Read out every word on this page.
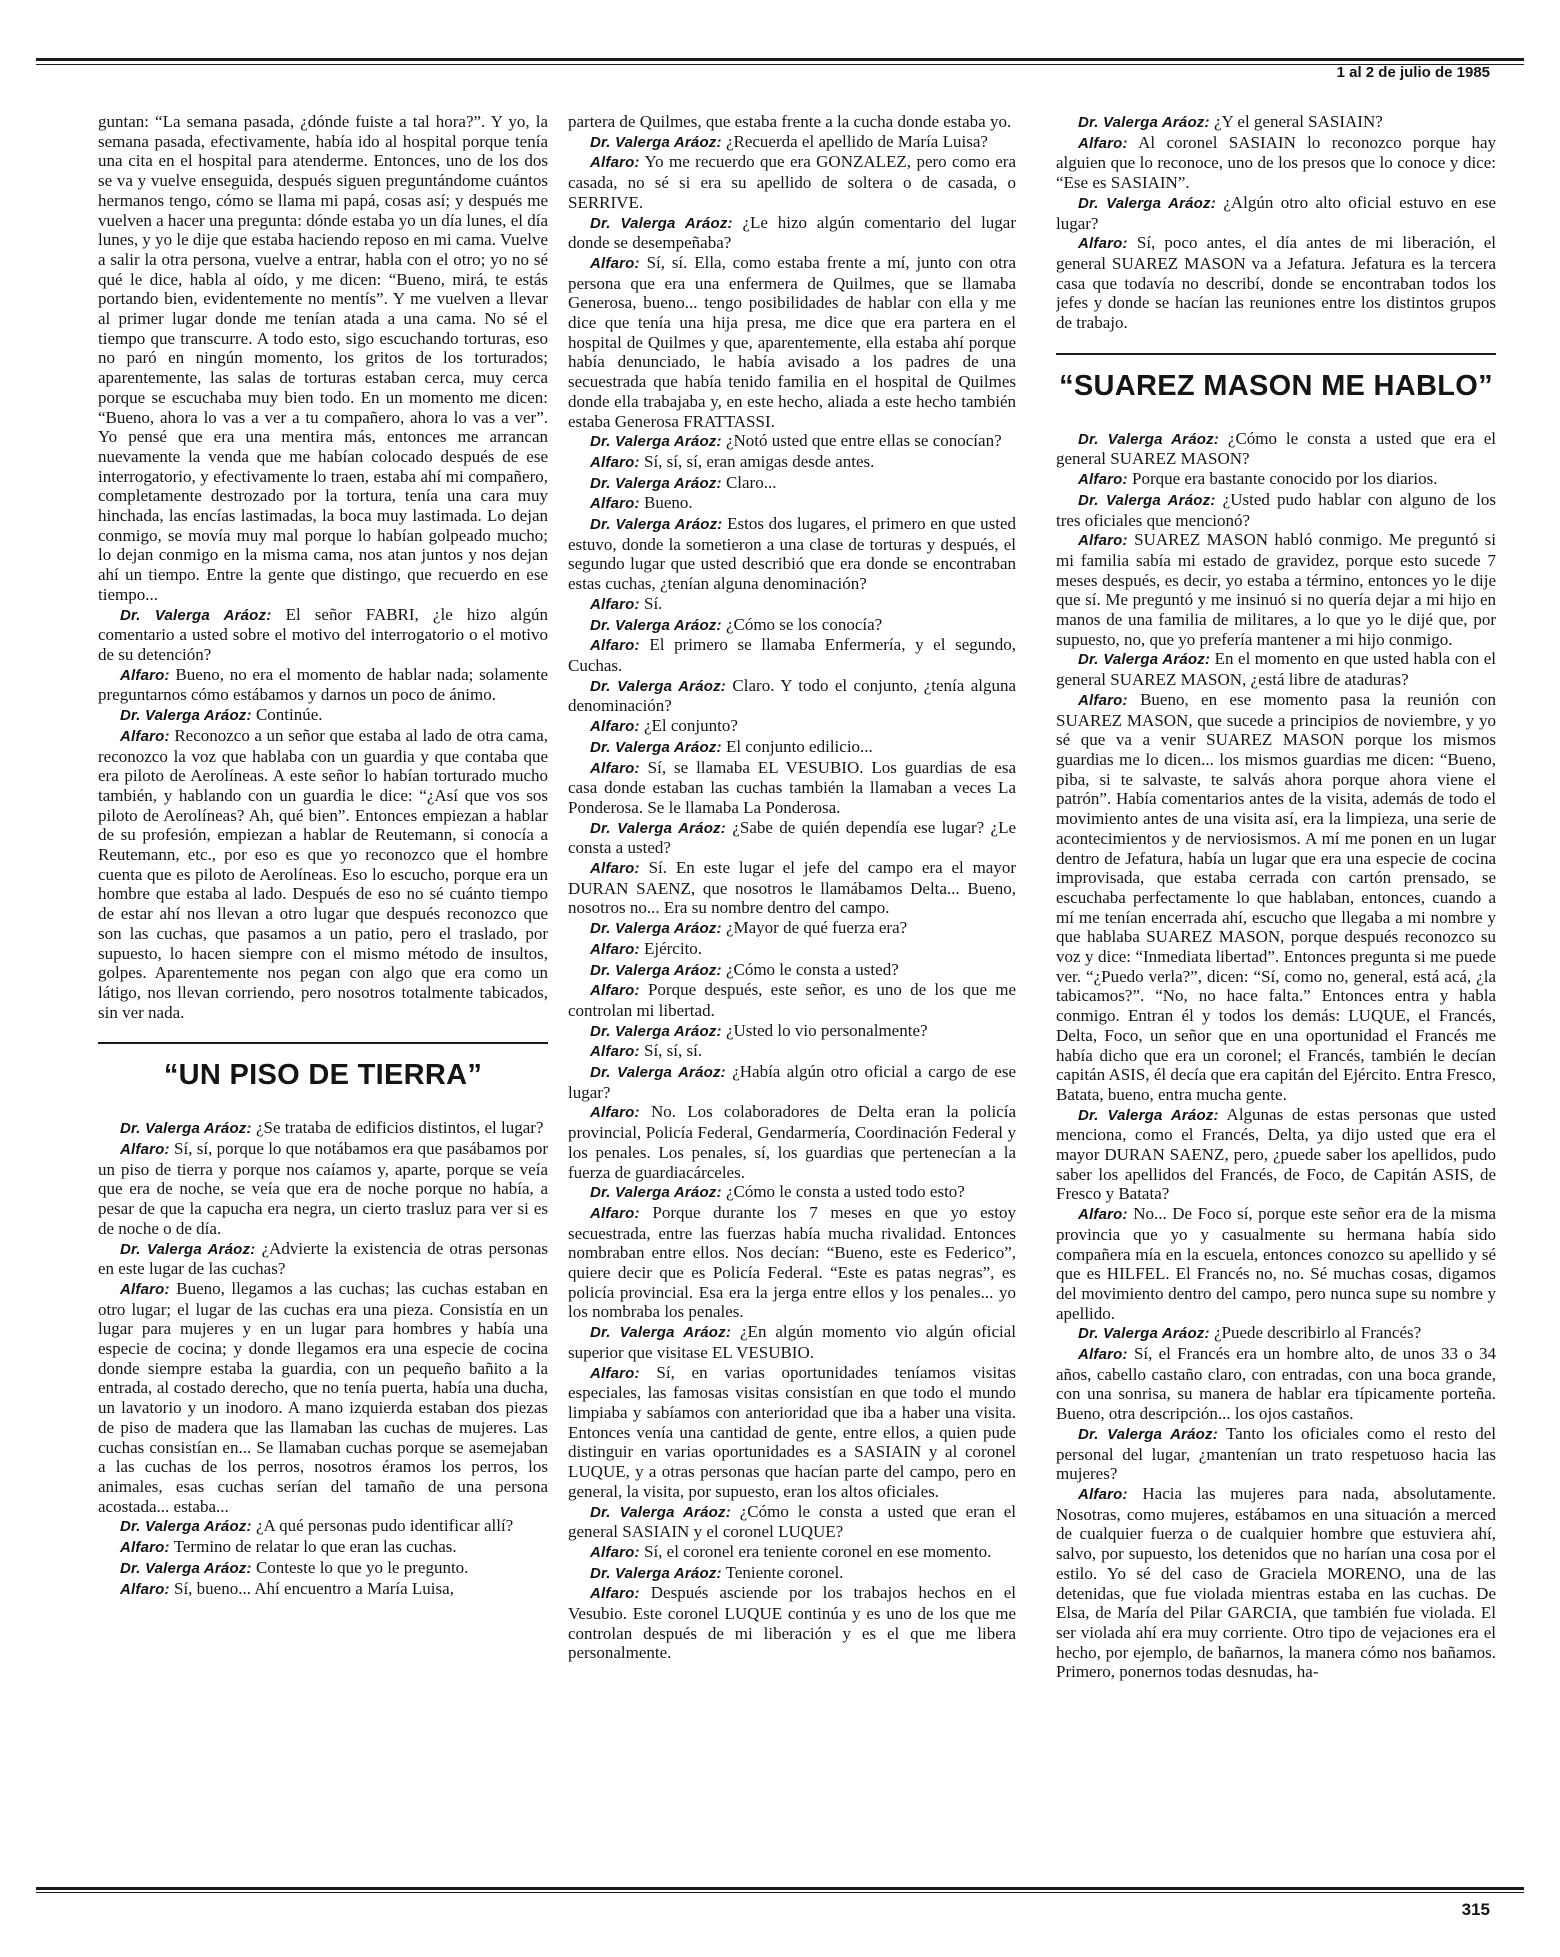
1 al 2 de julio de 1985

guntan: “La semana pasada, ¿dónde fuiste a tal hora?”. Y yo, la semana pasada, efectivamente, había ido al hospital porque tenía una cita en el hospital para atenderme. Entonces, uno de los dos se va y vuelve enseguida, después siguen preguntándome cuántos hermanos tengo, cómo se llama mi papá, cosas así; y después me vuelven a hacer una pregunta: dónde estaba yo un día lunes, el día lunes, y yo le dije que estaba haciendo reposo en mi cama. Vuelve a salir la otra persona, vuelve a entrar, habla con el otro; yo no sé qué le dice, habla al oído, y me dicen: “Bueno, mirá, te estás portando bien, evidentemente no mentís”. Y me vuelven a llevar al primer lugar donde me tenían atada a una cama. No sé el tiempo que transcurre. A todo esto, sigo escuchando torturas, eso no paró en ningún momento, los gritos de los torturados; aparentemente, las salas de torturas estaban cerca, muy cerca porque se escuchaba muy bien todo. En un momento me dicen: “Bueno, ahora lo vas a ver a tu compañero, ahora lo vas a ver”. Yo pensé que era una mentira más, entonces me arrancan nuevamente la venda que me habían colocado después de ese interrogatorio, y efectivamente lo traen, estaba ahí mi compañero, completamente destrozado por la tortura, tenía una cara muy hinchada, las encías lastimadas, la boca muy lastimada. Lo dejan conmigo, se movía muy mal porque lo habían golpeado mucho; lo dejan conmigo en la misma cama, nos atan juntos y nos dejan ahí un tiempo. Entre la gente que distingo, que recuerdo en ese tiempo...

Dr. Valerga Aráoz: El señor FABRI, ¿le hizo algún comentario a usted sobre el motivo del interrogatorio o el motivo de su detención?

Alfaro: Bueno, no era el momento de hablar nada; solamente preguntarnos cómo estábamos y darnos un poco de ánimo.

Dr. Valerga Aráoz: Continúe.

Alfaro: Reconozco a un señor que estaba al lado de otra cama, reconozco la voz que hablaba con un guardia y que contaba que era piloto de Aerolíneas. A este señor lo habían torturado mucho también, y hablando con un guardia le dice: “¿Así que vos sos piloto de Aerolíneas? Ah, qué bien”. Entonces empiezan a hablar de su profesión, empiezan a hablar de Reutemann, si conocía a Reutemann, etc., por eso es que yo reconozco que el hombre cuenta que es piloto de Aerolíneas. Eso lo escucho, porque era un hombre que estaba al lado. Después de eso no sé cuánto tiempo de estar ahí nos llevan a otro lugar que después reconozco que son las cuchas, que pasamos a un patio, pero el traslado, por supuesto, lo hacen siempre con el mismo método de insultos, golpes. Aparentemente nos pegan con algo que era como un látigo, nos llevan corriendo, pero nosotros totalmente tabicados, sin ver nada.

“UN PISO DE TIERRA”

Dr. Valerga Aráoz: ¿Se trataba de edificios distintos, el lugar?

Alfaro: Sí, sí, porque lo que notábamos era que pasábamos por un piso de tierra y porque nos caíamos y, aparte, porque se veía que era de noche, se veía que era de noche porque no había, a pesar de que la capucha era negra, un cierto trasluz para ver si es de noche o de día.

Dr. Valerga Aráoz: ¿Advierte la existencia de otras personas en este lugar de las cuchas?

Alfaro: Bueno, llegamos a las cuchas; las cuchas estaban en otro lugar; el lugar de las cuchas era una pieza. Consistía en un lugar para mujeres y en un lugar para hombres y había una especie de cocina; y donde llegamos era una especie de cocina donde siempre estaba la guardia, con un pequeño bañito a la entrada, al costado derecho, que no tenía puerta, había una ducha, un lavatorio y un inodoro. A mano izquierda estaban dos piezas de piso de madera que las llamaban las cuchas de mujeres. Las cuchas consistían en... Se llamaban cuchas porque se asemejaban a las cuchas de los perros, nosotros éramos los perros, los animales, esas cuchas serían del tamaño de una persona acostada... estaba...

Dr. Valerga Aráoz: ¿A qué personas pudo identificar allí?

Alfaro: Termino de relatar lo que eran las cuchas.

Dr. Valerga Aráoz: Conteste lo que yo le pregunto.

Alfaro: Sí, bueno... Ahí encuentro a María Luisa,

partera de Quilmes, que estaba frente a la cucha donde estaba yo.

Dr. Valerga Aráoz: ¿Recuerda el apellido de María Luisa?

Alfaro: Yo me recuerdo que era GONZALEZ, pero como era casada, no sé si era su apellido de soltera o de casada, o SERRIVE.

Dr. Valerga Aráoz: ¿Le hizo algún comentario del lugar donde se desempeñaba?

Alfaro: Sí, sí. Ella, como estaba frente a mí, junto con otra persona que era una enfermera de Quilmes, que se llamaba Generosa, bueno... tengo posibilidades de hablar con ella y me dice que tenía una hija presa, me dice que era partera en el hospital de Quilmes y que, aparentemente, ella estaba ahí porque había denunciado, le había avisado a los padres de una secuestrada que había tenido familia en el hospital de Quilmes donde ella trabajaba y, en este hecho, aliada a este hecho también estaba Generosa FRATTASSI.

Dr. Valerga Aráoz: ¿Notó usted que entre ellas se conocían?

Alfaro: Sí, sí, sí, eran amigas desde antes.

Dr. Valerga Aráoz: Claro...

Alfaro: Bueno.

Dr. Valerga Aráoz: Estos dos lugares, el primero en que usted estuvo, donde la sometieron a una clase de torturas y después, el segundo lugar que usted describió que era donde se encontraban estas cuchas, ¿tenían alguna denominación?

Alfaro: Sí.

Dr. Valerga Aráoz: ¿Cómo se los conocía?

Alfaro: El primero se llamaba Enfermería, y el segundo, Cuchas.

Dr. Valerga Aráoz: Claro. Y todo el conjunto, ¿tenía alguna denominación?

Alfaro: ¿El conjunto?

Dr. Valerga Aráoz: El conjunto edilicio...

Alfaro: Sí, se llamaba EL VESUBIO. Los guardias de esa casa donde estaban las cuchas también la llamaban a veces La Ponderosa. Se le llamaba La Ponderosa.

Dr. Valerga Aráoz: ¿Sabe de quién dependía ese lugar? ¿Le consta a usted?

Alfaro: Sí. En este lugar el jefe del campo era el mayor DURAN SAENZ, que nosotros le llamábamos Delta... Bueno, nosotros no... Era su nombre dentro del campo.

Dr. Valerga Aráoz: ¿Mayor de qué fuerza era?

Alfaro: Ejército.

Dr. Valerga Aráoz: ¿Cómo le consta a usted?

Alfaro: Porque después, este señor, es uno de los que me controlan mi libertad.

Dr. Valerga Aráoz: ¿Usted lo vio personalmente?

Alfaro: Sí, sí, sí.

Dr. Valerga Aráoz: ¿Había algún otro oficial a cargo de ese lugar?

Alfaro: No. Los colaboradores de Delta eran la policía provincial, Policía Federal, Gendarmería, Coordinación Federal y los penales. Los penales, sí, los guardias que pertenecían a la fuerza de guardiacárceles.

Dr. Valerga Aráoz: ¿Cómo le consta a usted todo esto?

Alfaro: Porque durante los 7 meses en que yo estoy secuestrada, entre las fuerzas había mucha rivalidad. Entonces nombraban entre ellos. Nos decían: “Bueno, este es Federico”, quiere decir que es Policía Federal. “Este es patas negras”, es policía provincial. Esa era la jerga entre ellos y los penales... yo los nombraba los penales.

Dr. Valerga Aráoz: ¿En algún momento vio algún oficial superior que visitase EL VESUBIO.

Alfaro: Sí, en varias oportunidades teníamos visitas especiales, las famosas visitas consistían en que todo el mundo limpiaba y sabíamos con anterioridad que iba a haber una visita. Entonces venía una cantidad de gente, entre ellos, a quien pude distinguir en varias oportunidades es a SASIAIN y al coronel LUQUE, y a otras personas que hacían parte del campo, pero en general, la visita, por supuesto, eran los altos oficiales.

Dr. Valerga Aráoz: ¿Cómo le consta a usted que eran el general SASIAIN y el coronel LUQUE?

Alfaro: Sí, el coronel era teniente coronel en ese momento.

Dr. Valerga Aráoz: Teniente coronel.

Alfaro: Después asciende por los trabajos hechos en el Vesubio. Este coronel LUQUE continúa y es uno de los que me controlan después de mi liberación y es el que me libera personalmente.

Dr. Valerga Aráoz: ¿Y el general SASIAIN?

Alfaro: Al coronel SASIAIN lo reconozco porque hay alguien que lo reconoce, uno de los presos que lo conoce y dice: “Ese es SASIAIN”.

Dr. Valerga Aráoz: ¿Algún otro alto oficial estuvo en ese lugar?

Alfaro: Sí, poco antes, el día antes de mi liberación, el general SUAREZ MASON va a Jefatura. Jefatura es la tercera casa que todavía no describí, donde se encontraban todos los jefes y donde se hacían las reuniones entre los distintos grupos de trabajo.

“SUAREZ MASON ME HABLO”

Dr. Valerga Aráoz: ¿Cómo le consta a usted que era el general SUAREZ MASON?

Alfaro: Porque era bastante conocido por los diarios.

Dr. Valerga Aráoz: ¿Usted pudo hablar con alguno de los tres oficiales que mencionó?

Alfaro: SUAREZ MASON habló conmigo. Me preguntó si mi familia sabía mi estado de gravidez, porque esto sucede 7 meses después, es decir, yo estaba a término, entonces yo le dije que sí. Me preguntó y me insinuó si no quería dejar a mi hijo en manos de una familia de militares, a lo que yo le dijé que, por supuesto, no, que yo prefería mantener a mi hijo conmigo.

Dr. Valerga Aráoz: En el momento en que usted habla con el general SUAREZ MASON, ¿está libre de ataduras?

Alfaro: Bueno, en ese momento pasa la reunión con SUAREZ MASON, que sucede a principios de noviembre, y yo sé que va a venir SUAREZ MASON porque los mismos guardias me lo dicen... los mismos guardias me dicen: “Bueno, piba, si te salvaste, te salvás ahora porque ahora viene el patrón”. Había comentarios antes de la visita, además de todo el movimiento antes de una visita así, era la limpieza, una serie de acontecimientos y de nerviosismos. A mí me ponen en un lugar dentro de Jefatura, había un lugar que era una especie de cocina improvisada, que estaba cerrada con cartón prensado, se escuchaba perfectamente lo que hablaban, entonces, cuando a mí me tenían encerrada ahí, escucho que llegaba a mi nombre y que hablaba SUAREZ MASON, porque después reconozco su voz y dice: “Inmediata libertad”. Entonces pregunta si me puede ver. “¿Puedo verla?”, dicen: “Sí, como no, general, está acá, ¿la tabicamos?”. “No, no hace falta.” Entonces entra y habla conmigo. Entran él y todos los demás: LUQUE, el Francés, Delta, Foco, un señor que en una oportunidad el Francés me había dicho que era un coronel; el Francés, también le decían capitán ASIS, él decía que era capitán del Ejército. Entra Fresco, Batata, bueno, entra mucha gente.

Dr. Valerga Aráoz: Algunas de estas personas que usted menciona, como el Francés, Delta, ya dijo usted que era el mayor DURAN SAENZ, pero, ¿puede saber los apellidos, pudo saber los apellidos del Francés, de Foco, de Capitán ASIS, de Fresco y Batata?

Alfaro: No... De Foco sí, porque este señor era de la misma provincia que yo y casualmente su hermana había sido compañera mía en la escuela, entonces conozco su apellido y sé que es HILFEL. El Francés no, no. Sé muchas cosas, digamos del movimiento dentro del campo, pero nunca supe su nombre y apellido.

Dr. Valerga Aráoz: ¿Puede describirlo al Francés?

Alfaro: Sí, el Francés era un hombre alto, de unos 33 o 34 años, cabello castaño claro, con entradas, con una boca grande, con una sonrisa, su manera de hablar era típicamente porteña. Bueno, otra descripción... los ojos castaños.

Dr. Valerga Aráoz: Tanto los oficiales como el resto del personal del lugar, ¿mantenían un trato respetuoso hacia las mujeres?

Alfaro: Hacia las mujeres para nada, absolutamente. Nosotras, como mujeres, estábamos en una situación a merced de cualquier fuerza o de cualquier hombre que estuviera ahí, salvo, por supuesto, los detenidos que no harían una cosa por el estilo. Yo sé del caso de Graciela MORENO, una de las detenidas, que fue violada mientras estaba en las cuchas. De Elsa, de María del Pilar GARCIA, que también fue violada. El ser violada ahí era muy corriente. Otro tipo de vejaciones era el hecho, por ejemplo, de bañarnos, la manera cómo nos bañamos. Primero, ponernos todas desnudas, ha-

315
